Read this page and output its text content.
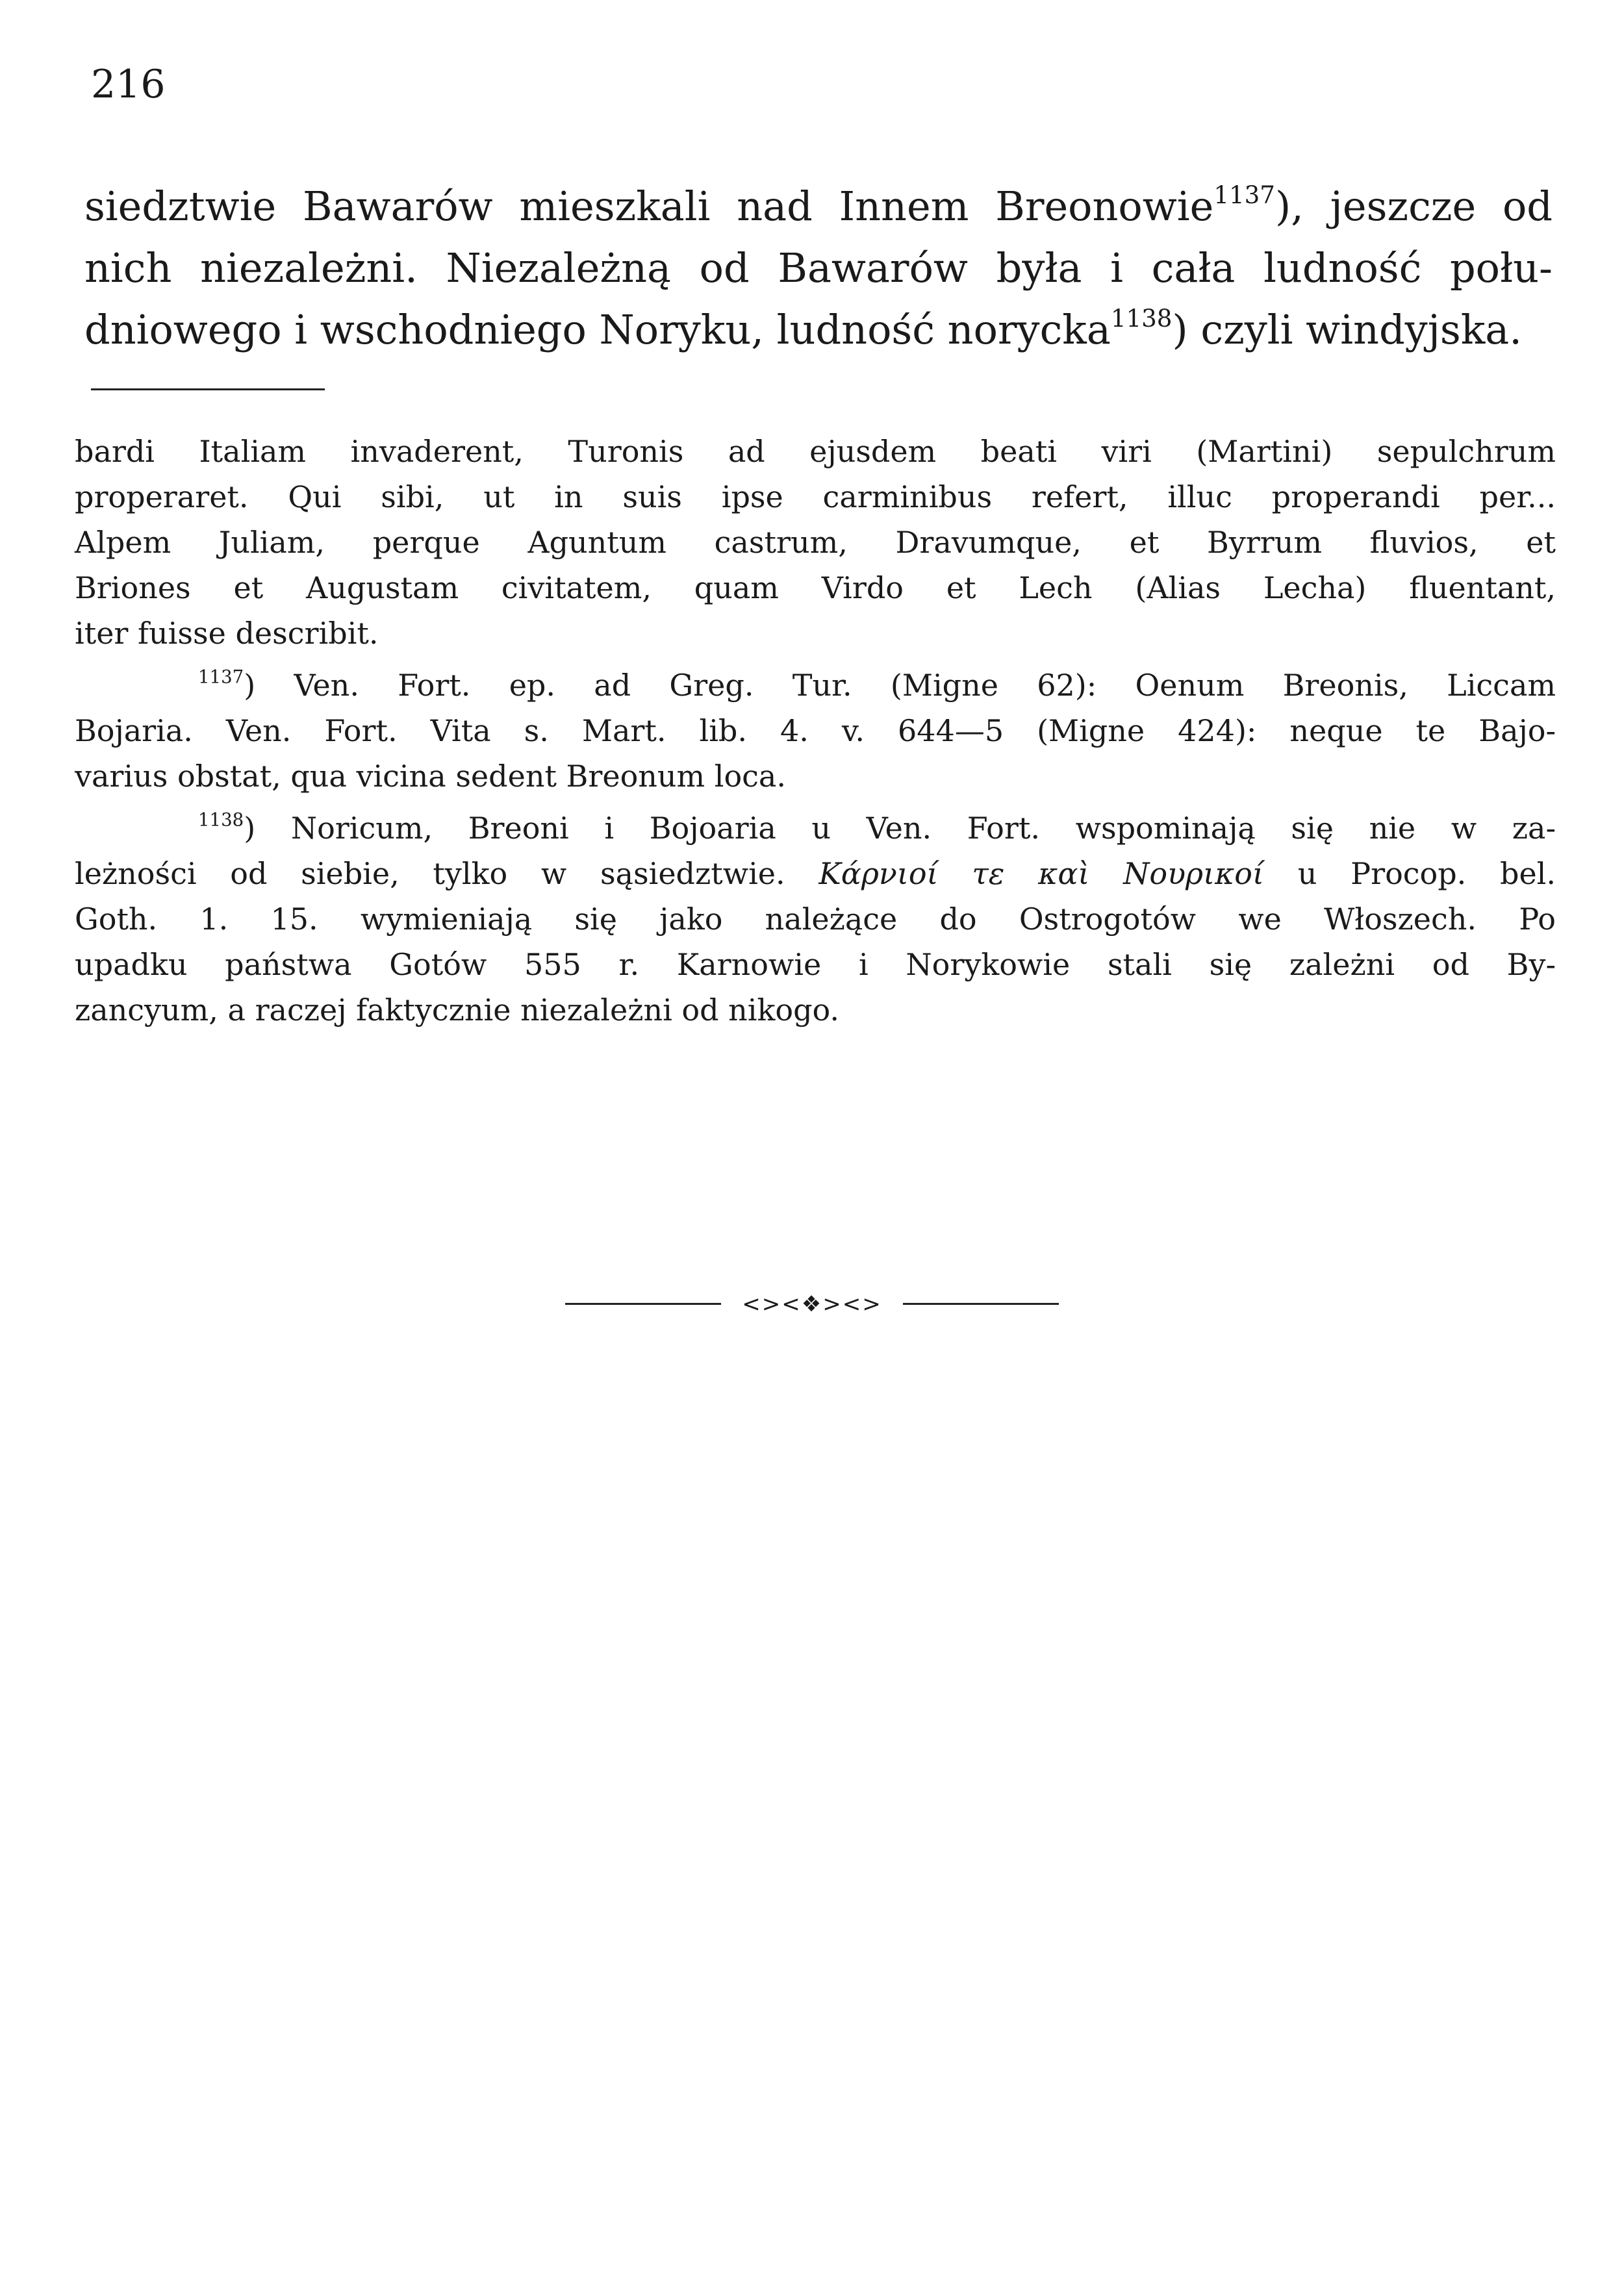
216
siedztwie Bawarów mieszkali nad Innem Breonowie$^{1137}$), jeszcze od
nich niezależni. Niezależną od Bawarów była i cała ludność połu-
dniowego i wschodniego Noryku, ludność norycka$^{1138}$) czyli windyjska.
bardi Italiam invaderent, Turonis ad ejusdem beati viri (Martini) sepulchrum
properaret. Qui sibi, ut in suis ipse carminibus refert, illuc properandi per...
Alpem Juliam, perque Aguntum castrum, Dravumque, et Byrrum fluvios, et
Briones et Augustam civitatem, quam Virdo et Lech (Alias Lecha) fluentant,
iter fuisse describit.
$^{1137}$) Ven. Fort. ep. ad Greg. Tur. (Migne 62): Oenum Breonis, Liccam
Bojaria. Ven. Fort. Vita s. Mart. lib. 4. v. 644—5 (Migne 424): neque te Bajo-
varius obstat, qua vicina sedent Breonum loca.
$^{1138}$) Noricum, Breoni i Bojoaria u Ven. Fort. wspominają się nie w za-
leżności od siebie, tylko w sąsiedztwie. Κάρνιοί τε καὶ Νουρικοί u Procop. bel.
Goth. 1. 15. wymieniają się jako należące do Ostrogotów we Włoszech. Po
upadku państwa Gotów 555 r. Karnowie i Norykowie stali się zależni od By-
zancyum, a raczej faktycznie niezależni od nikogo.
<><❖><>
